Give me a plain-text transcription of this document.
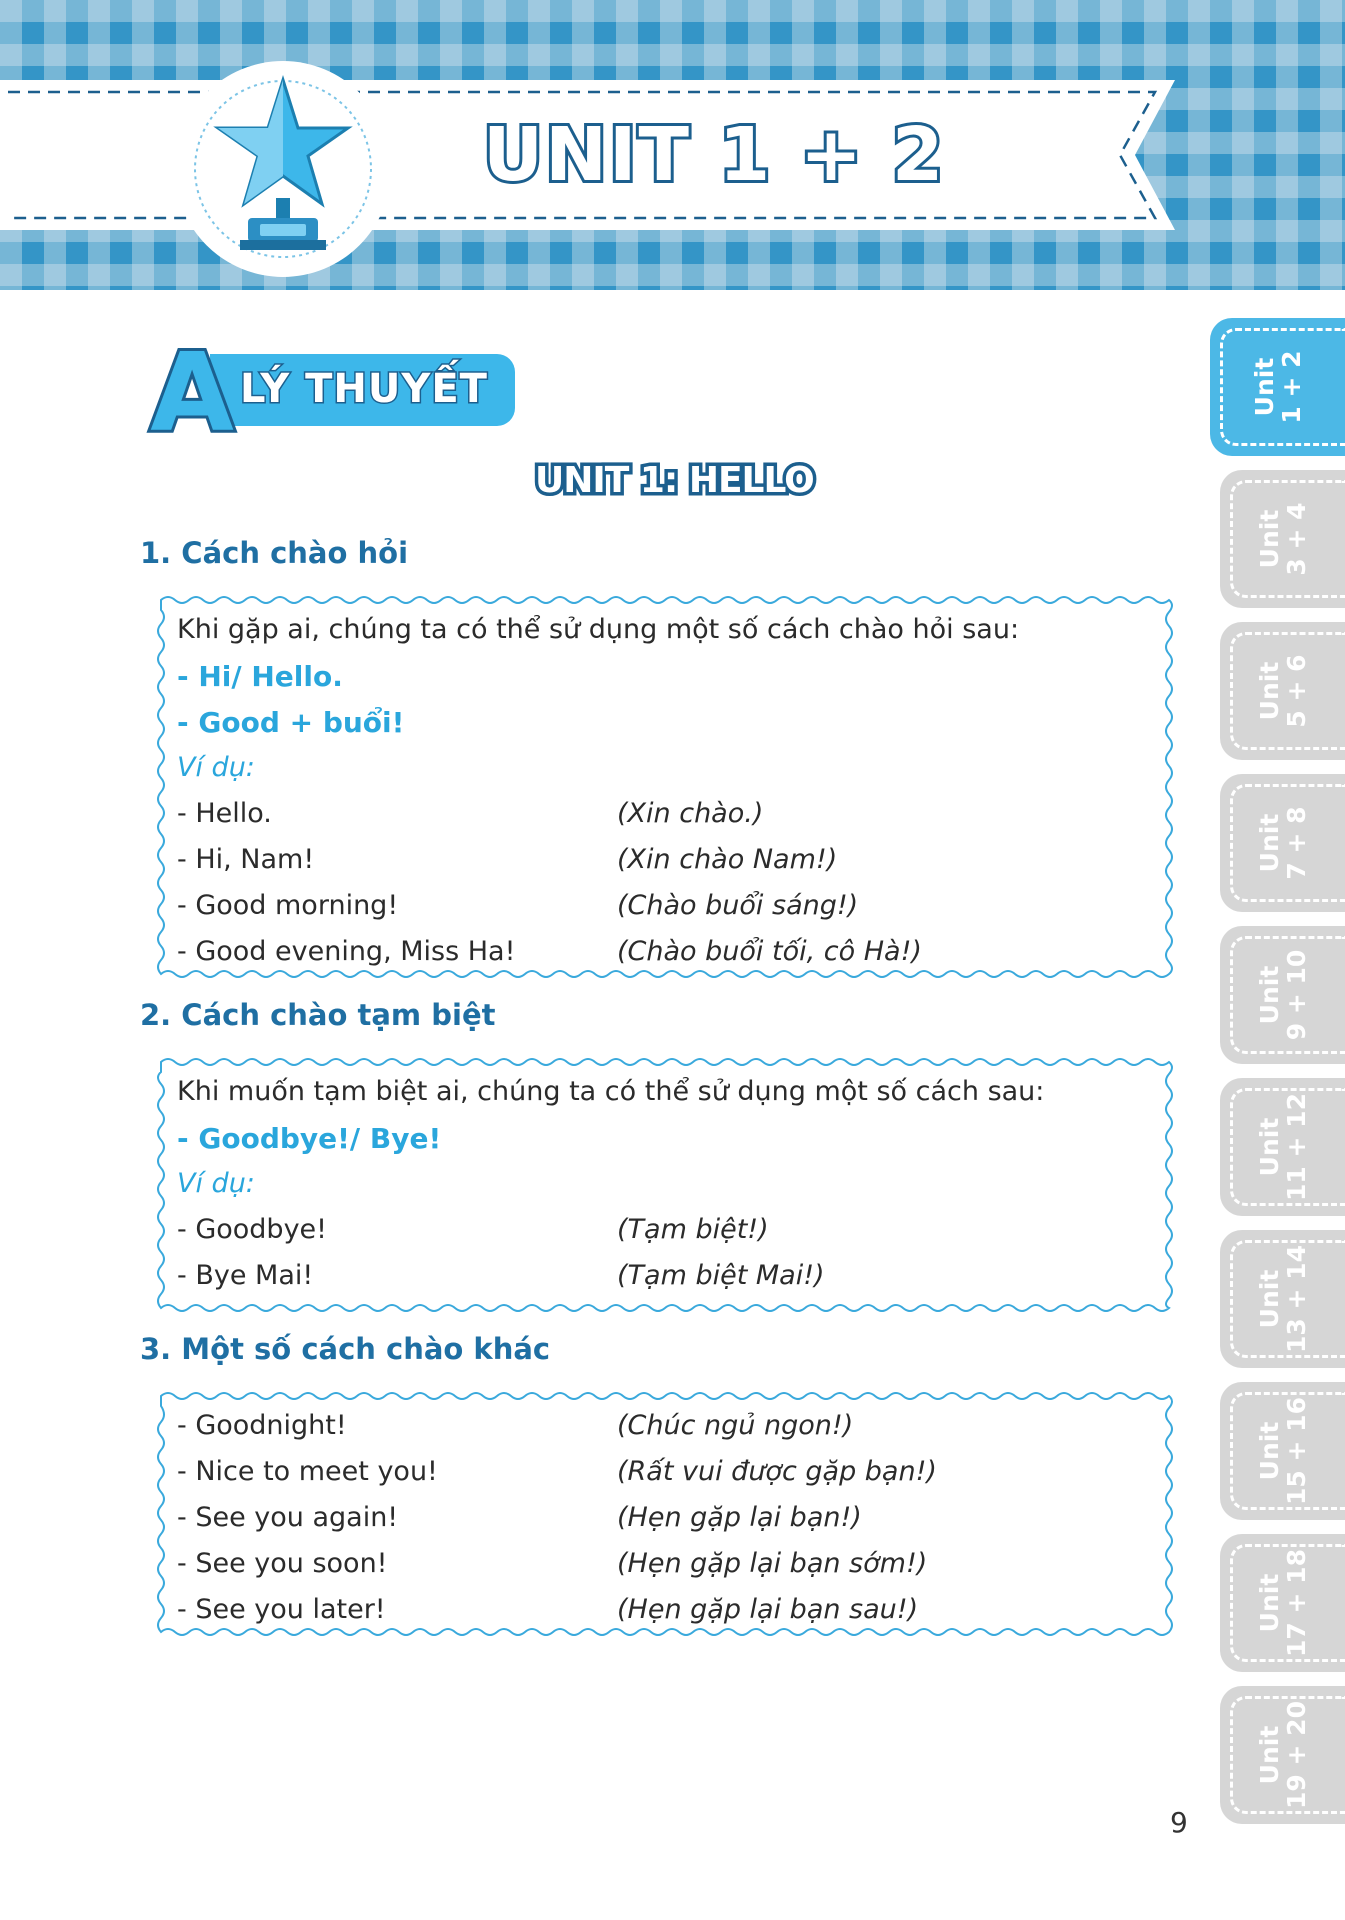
UNIT 1 + 2
Unit
1 + 2
Unit
3 + 4
Unit
5 + 6
Unit
7 + 8
Unit
9 + 10
Unit
11 + 12
Unit
13 + 14
Unit
15 + 16
Unit
17 + 18
Unit
19 + 20
LÝ THUYẾT
A
UNIT 1: HELLO
1. Cách chào hỏi
Khi gặp ai, chúng ta có thể sử dụng một số cách chào hỏi sau:
- Hi/ Hello.
- Good + buổi!
Ví dụ:
- Hello.	(Xin chào.)
- Hi, Nam!	(Xin chào Nam!)
- Good morning!	(Chào buổi sáng!)
- Good evening, Miss Ha!	(Chào buổi tối, cô Hà!)
2. Cách chào tạm biệt
Khi muốn tạm biệt ai, chúng ta có thể sử dụng một số cách sau:
- Goodbye!/ Bye!
Ví dụ:
- Goodbye!	(Tạm biệt!)
- Bye Mai!	(Tạm biệt Mai!)
3. Một số cách chào khác
- Goodnight!	(Chúc ngủ ngon!)
- Nice to meet you!	(Rất vui được gặp bạn!)
- See you again!	(Hẹn gặp lại bạn!)
- See you soon!	(Hẹn gặp lại bạn sớm!)
- See you later!	(Hẹn gặp lại bạn sau!)
9
